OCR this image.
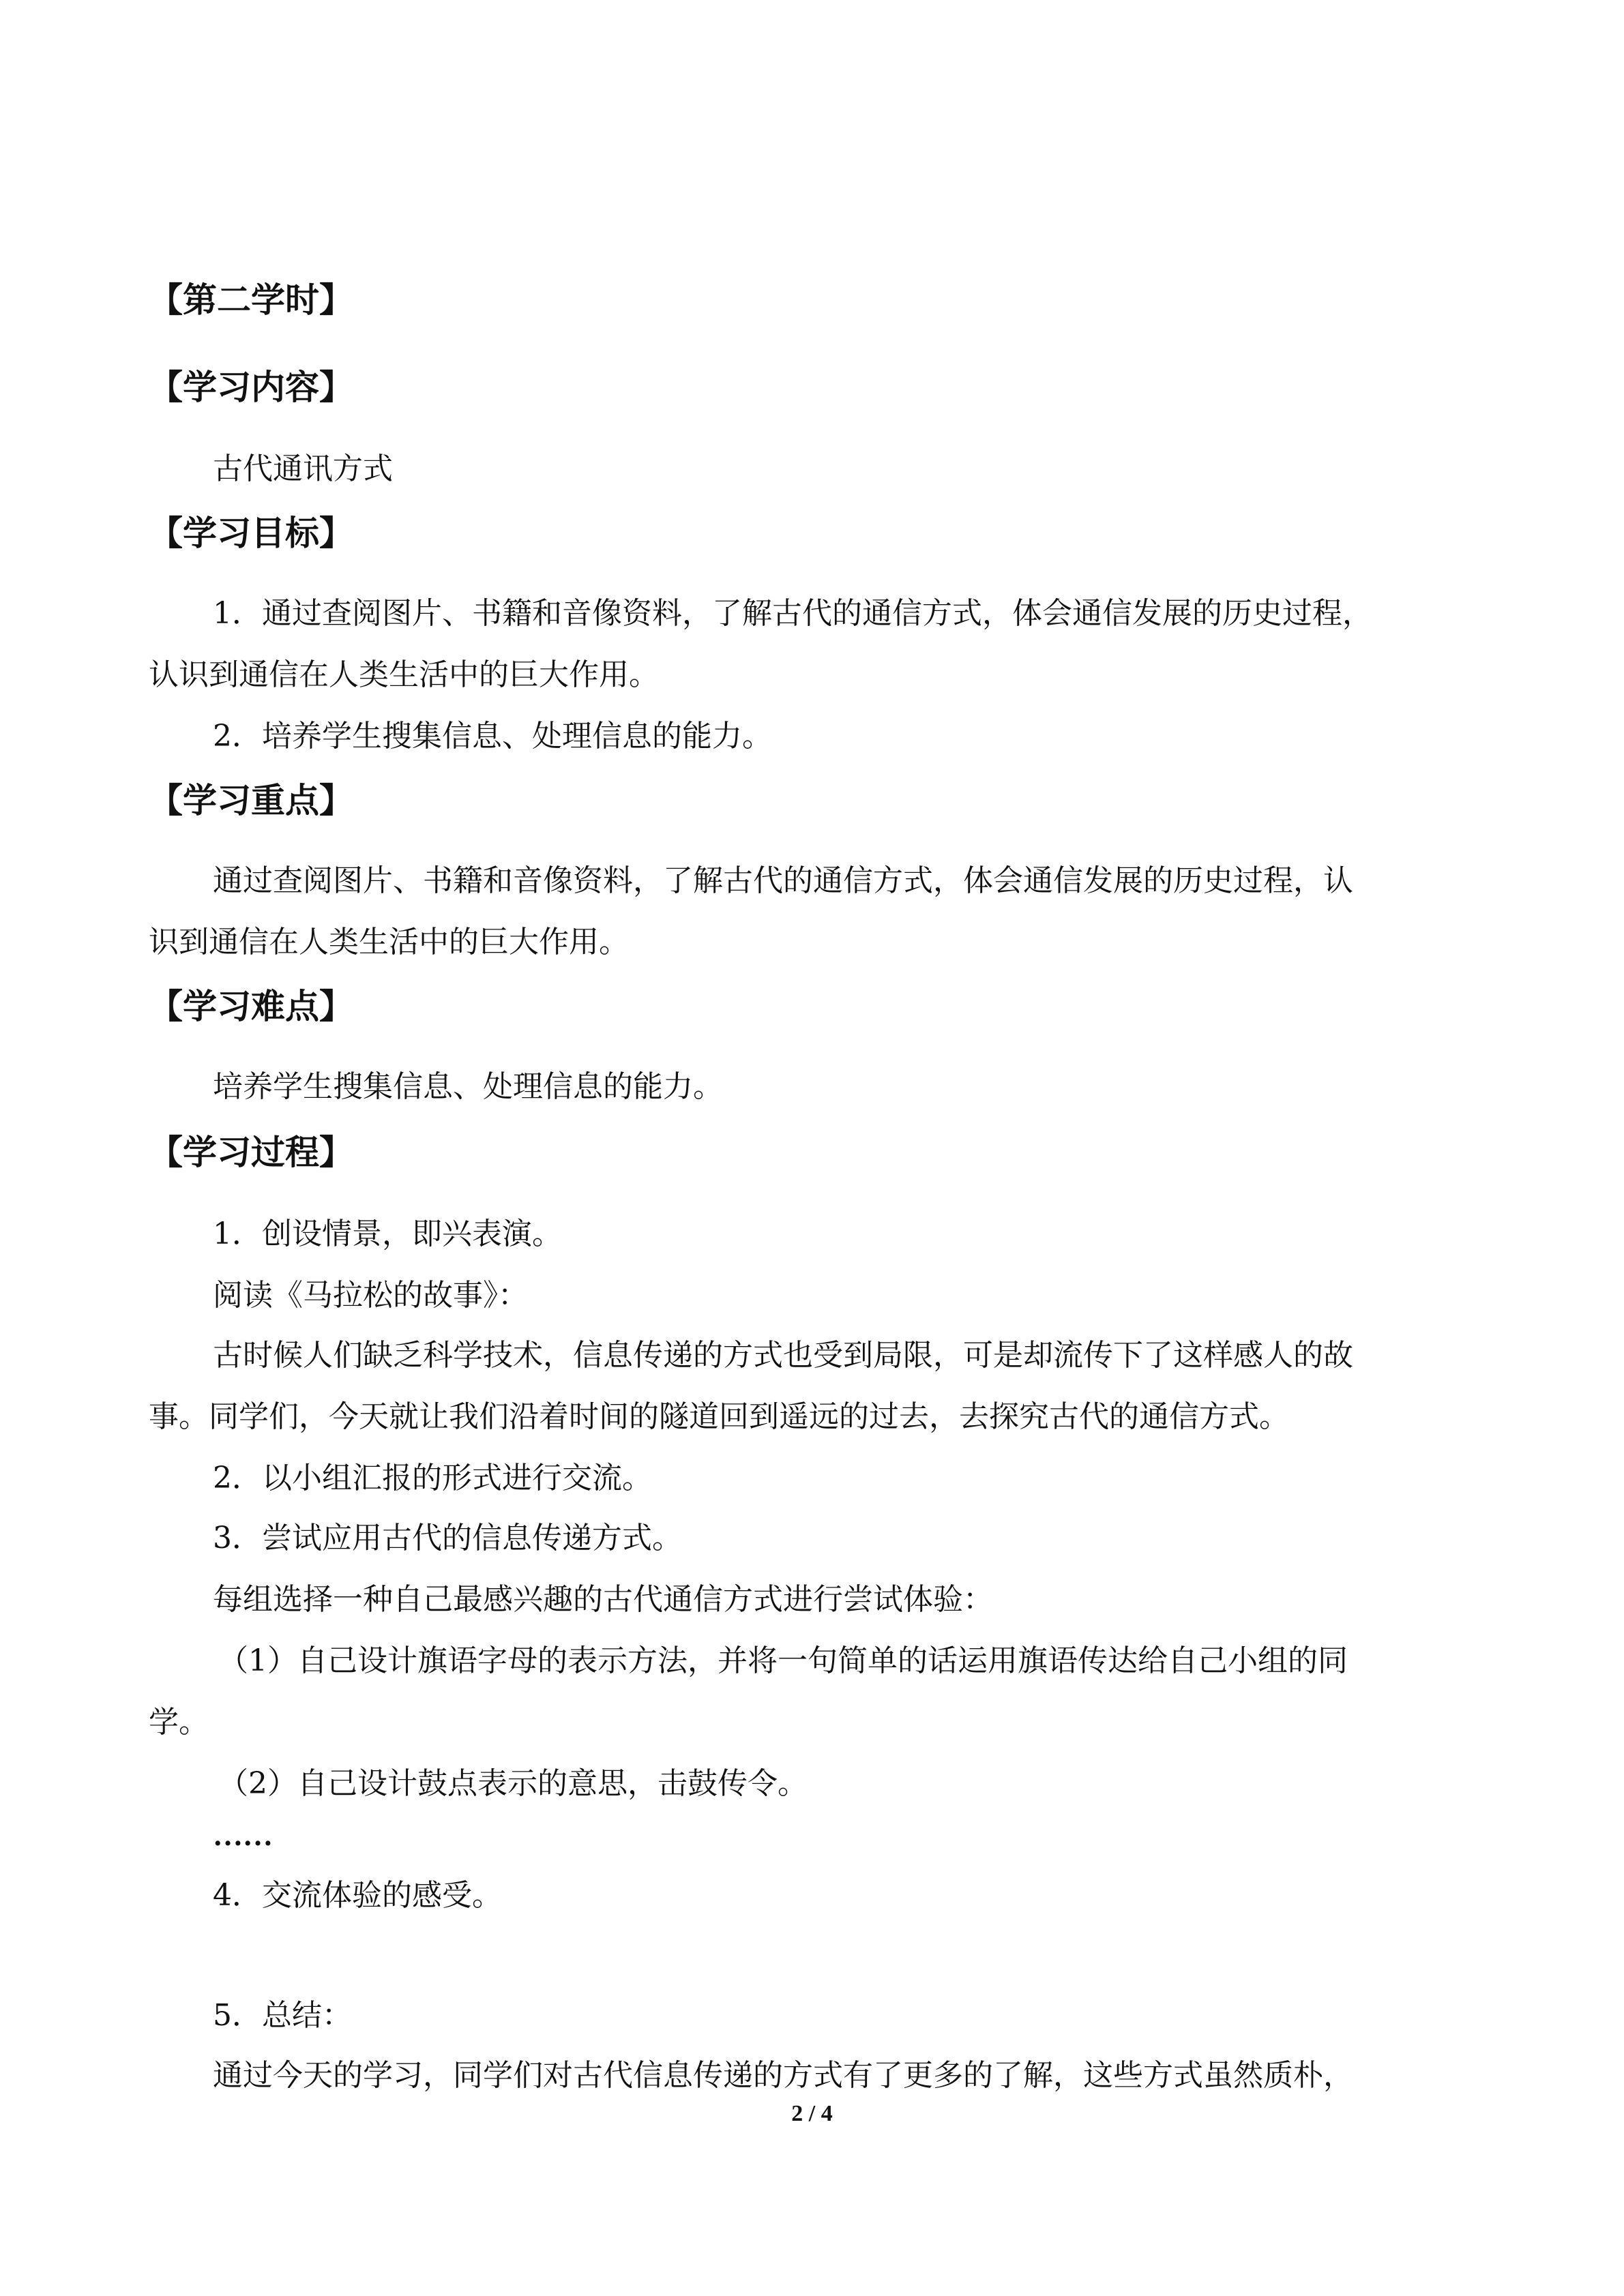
【第二学时】
【学习内容】
古代通讯方式
【学习目标】
1．通过查阅图片、书籍和音像资料，了解古代的通信方式，体会通信发展的历史过程，
认识到通信在人类生活中的巨大作用。
2．培养学生搜集信息、处理信息的能力。
【学习重点】
通过查阅图片、书籍和音像资料，了解古代的通信方式，体会通信发展的历史过程，认
识到通信在人类生活中的巨大作用。
【学习难点】
培养学生搜集信息、处理信息的能力。
【学习过程】
1．创设情景，即兴表演。
阅读《马拉松的故事》：
古时候人们缺乏科学技术，信息传递的方式也受到局限，可是却流传下了这样感人的故
事。同学们，今天就让我们沿着时间的隧道回到遥远的过去，去探究古代的通信方式。
2．以小组汇报的形式进行交流。
3．尝试应用古代的信息传递方式。
每组选择一种自己最感兴趣的古代通信方式进行尝试体验：
（1）自己设计旗语字母的表示方法，并将一句简单的话运用旗语传达给自己小组的同
学。
（2）自己设计鼓点表示的意思，击鼓传令。
……
4．交流体验的感受。
5．总结：
通过今天的学习，同学们对古代信息传递的方式有了更多的了解，这些方式虽然质朴，
2 / 4
